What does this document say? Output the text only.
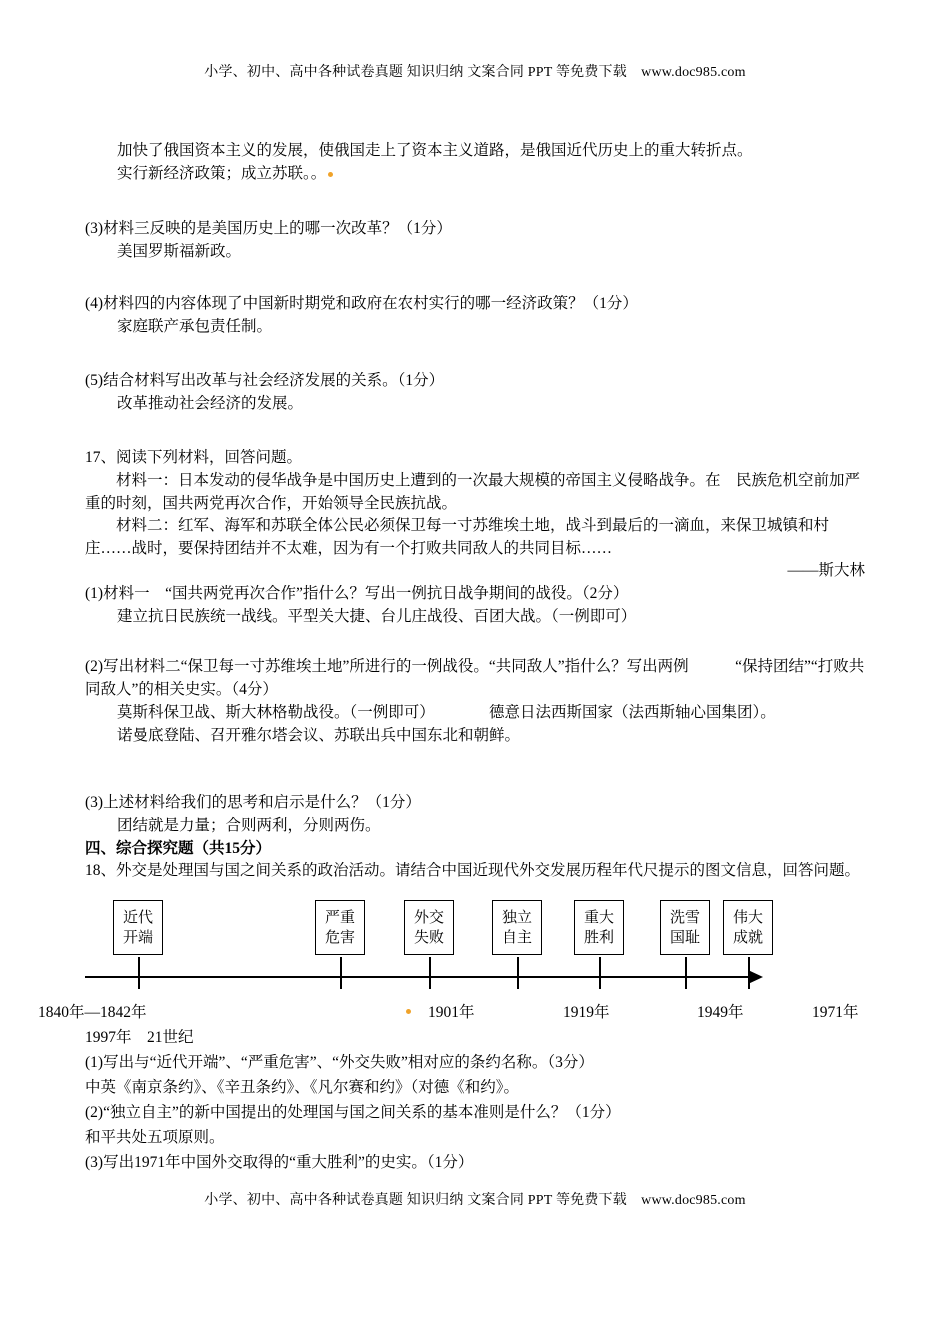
小学、初中、高中各种试卷真题 知识归纳 文案合同 PPT 等免费下载　www.doc985.com
加快了俄国资本主义的发展，使俄国走上了资本主义道路，是俄国近代历史上的重大转折点。
实行新经济政策；成立苏联。。
(3)材料三反映的是美国历史上的哪一次改革？（1分）
美国罗斯福新政。
(4)材料四的内容体现了中国新时期党和政府在农村实行的哪一经济政策？（1分）
家庭联产承包责任制。
(5)结合材料写出改革与社会经济发展的关系。（1分）
改革推动社会经济的发展。
17、阅读下列材料，回答问题。
材料一：日本发动的侵华战争是中国历史上遭到的一次最大规模的帝国主义侵略战争。在　民族危机空前加严重的时刻，国共两党再次合作，开始领导全民族抗战。
材料二：红军、海军和苏联全体公民必须保卫每一寸苏维埃土地，战斗到最后的一滴血，来保卫城镇和村庄……战时，要保持团结并不太难，因为有一个打败共同敌人的共同目标……
——斯大林
(1)材料一　“国共两党再次合作”指什么？写出一例抗日战争期间的战役。（2分）
建立抗日民族统一战线。平型关大捷、台儿庄战役、百团大战。（一例即可）
(2)写出材料二“保卫每一寸苏维埃土地”所进行的一例战役。“共同敌人”指什么？写出两例　　　“保持团结”“打败共同敌人”的相关史实。（4分）
莫斯科保卫战、斯大林格勒战役。（一例即可）　　　　德意日法西斯国家（法西斯轴心国集团）。
诺曼底登陆、召开雅尔塔会议、苏联出兵中国东北和朝鲜。
(3)上述材料给我们的思考和启示是什么？（1分）
团结就是力量；合则两利，分则两伤。
四、综合探究题（共15分）
18、外交是处理国与国之间关系的政治活动。请结合中国近现代外交发展历程年代尺提示的图文信息，回答问题。
近代
开端
严重
危害
外交
失败
独立
自主
重大
胜利
洗雪
国耻
伟大
成就
1840年—1842年	1901年	1919年	1949年	1971年
1997年　21世纪
(1)写出与“近代开端”、“严重危害”、“外交失败”相对应的条约名称。（3分）
中英《南京条约》、《辛丑条约》、《凡尔赛和约》（对德《和约》。
(2)“独立自主”的新中国提出的处理国与国之间关系的基本准则是什么？（1分）
和平共处五项原则。
(3)写出1971年中国外交取得的“重大胜利”的史实。（1分）
小学、初中、高中各种试卷真题 知识归纳 文案合同 PPT 等免费下载　www.doc985.com
